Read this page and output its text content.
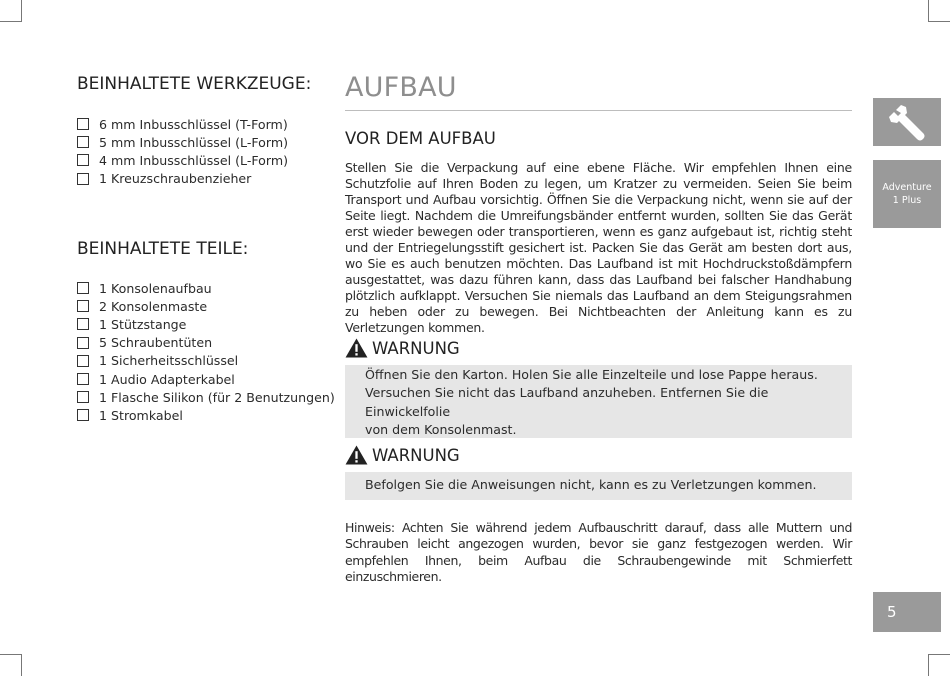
BEINHALTETE WERKZEUGE:
6 mm Inbusschlüssel (T-Form)
5 mm Inbusschlüssel (L-Form)
4 mm Inbusschlüssel (L-Form)
1 Kreuzschraubenzieher
BEINHALTETE TEILE:
1 Konsolenaufbau
2 Konsolenmaste
1 Stützstange
5 Schraubentüten
1 Sicherheitsschlüssel
1 Audio Adapterkabel
1 Flasche Silikon (für 2 Benutzungen)
1 Stromkabel
AUFBAU
VOR DEM AUFBAU

Stellen Sie die Verpackung auf eine ebene Fläche. Wir empfehlen Ihnen eine Schutzfolie auf Ihren Boden zu legen, um Kratzer zu vermeiden. Seien Sie beim Transport und Aufbau vorsichtig. Öffnen Sie die Verpackung nicht, wenn sie auf der Seite liegt. Nachdem die Umreifungsbänder entfernt wurden, sollten Sie das Gerät erst wieder bewegen oder transportieren, wenn es ganz aufgebaut ist, richtig steht und der Entriegelungsstift gesichert ist. Packen Sie das Gerät am besten dort aus, wo Sie es auch benutzen möchten. Das Laufband ist mit Hochdruckstoßdämpfern ausgestattet, was dazu führen kann, dass das Laufband bei falscher Handhabung plötzlich aufklappt. Versuchen Sie niemals das Laufband an dem Steigungsrahmen zu heben oder zu bewegen. Bei Nichtbeachten der Anleitung kann es zu Verletzungen kommen.

WARNUNG

Öffnen Sie den Karton. Holen Sie alle Einzelteile und lose Pappe heraus.

Versuchen Sie nicht das Laufband anzuheben. Entfernen Sie die Einwickelfolie

von dem Konsolenmast.

WARNUNG

Befolgen Sie die Anweisungen nicht, kann es zu Verletzungen kommen.

Hinweis: Achten Sie während jedem Aufbauschritt darauf, dass alle Muttern und Schrauben leicht angezogen wurden, bevor sie ganz festgezogen werden. Wir empfehlen Ihnen, beim Aufbau die Schraubengewinde mit Schmierfett einzuschmieren.

Adventure
1 Plus
5
